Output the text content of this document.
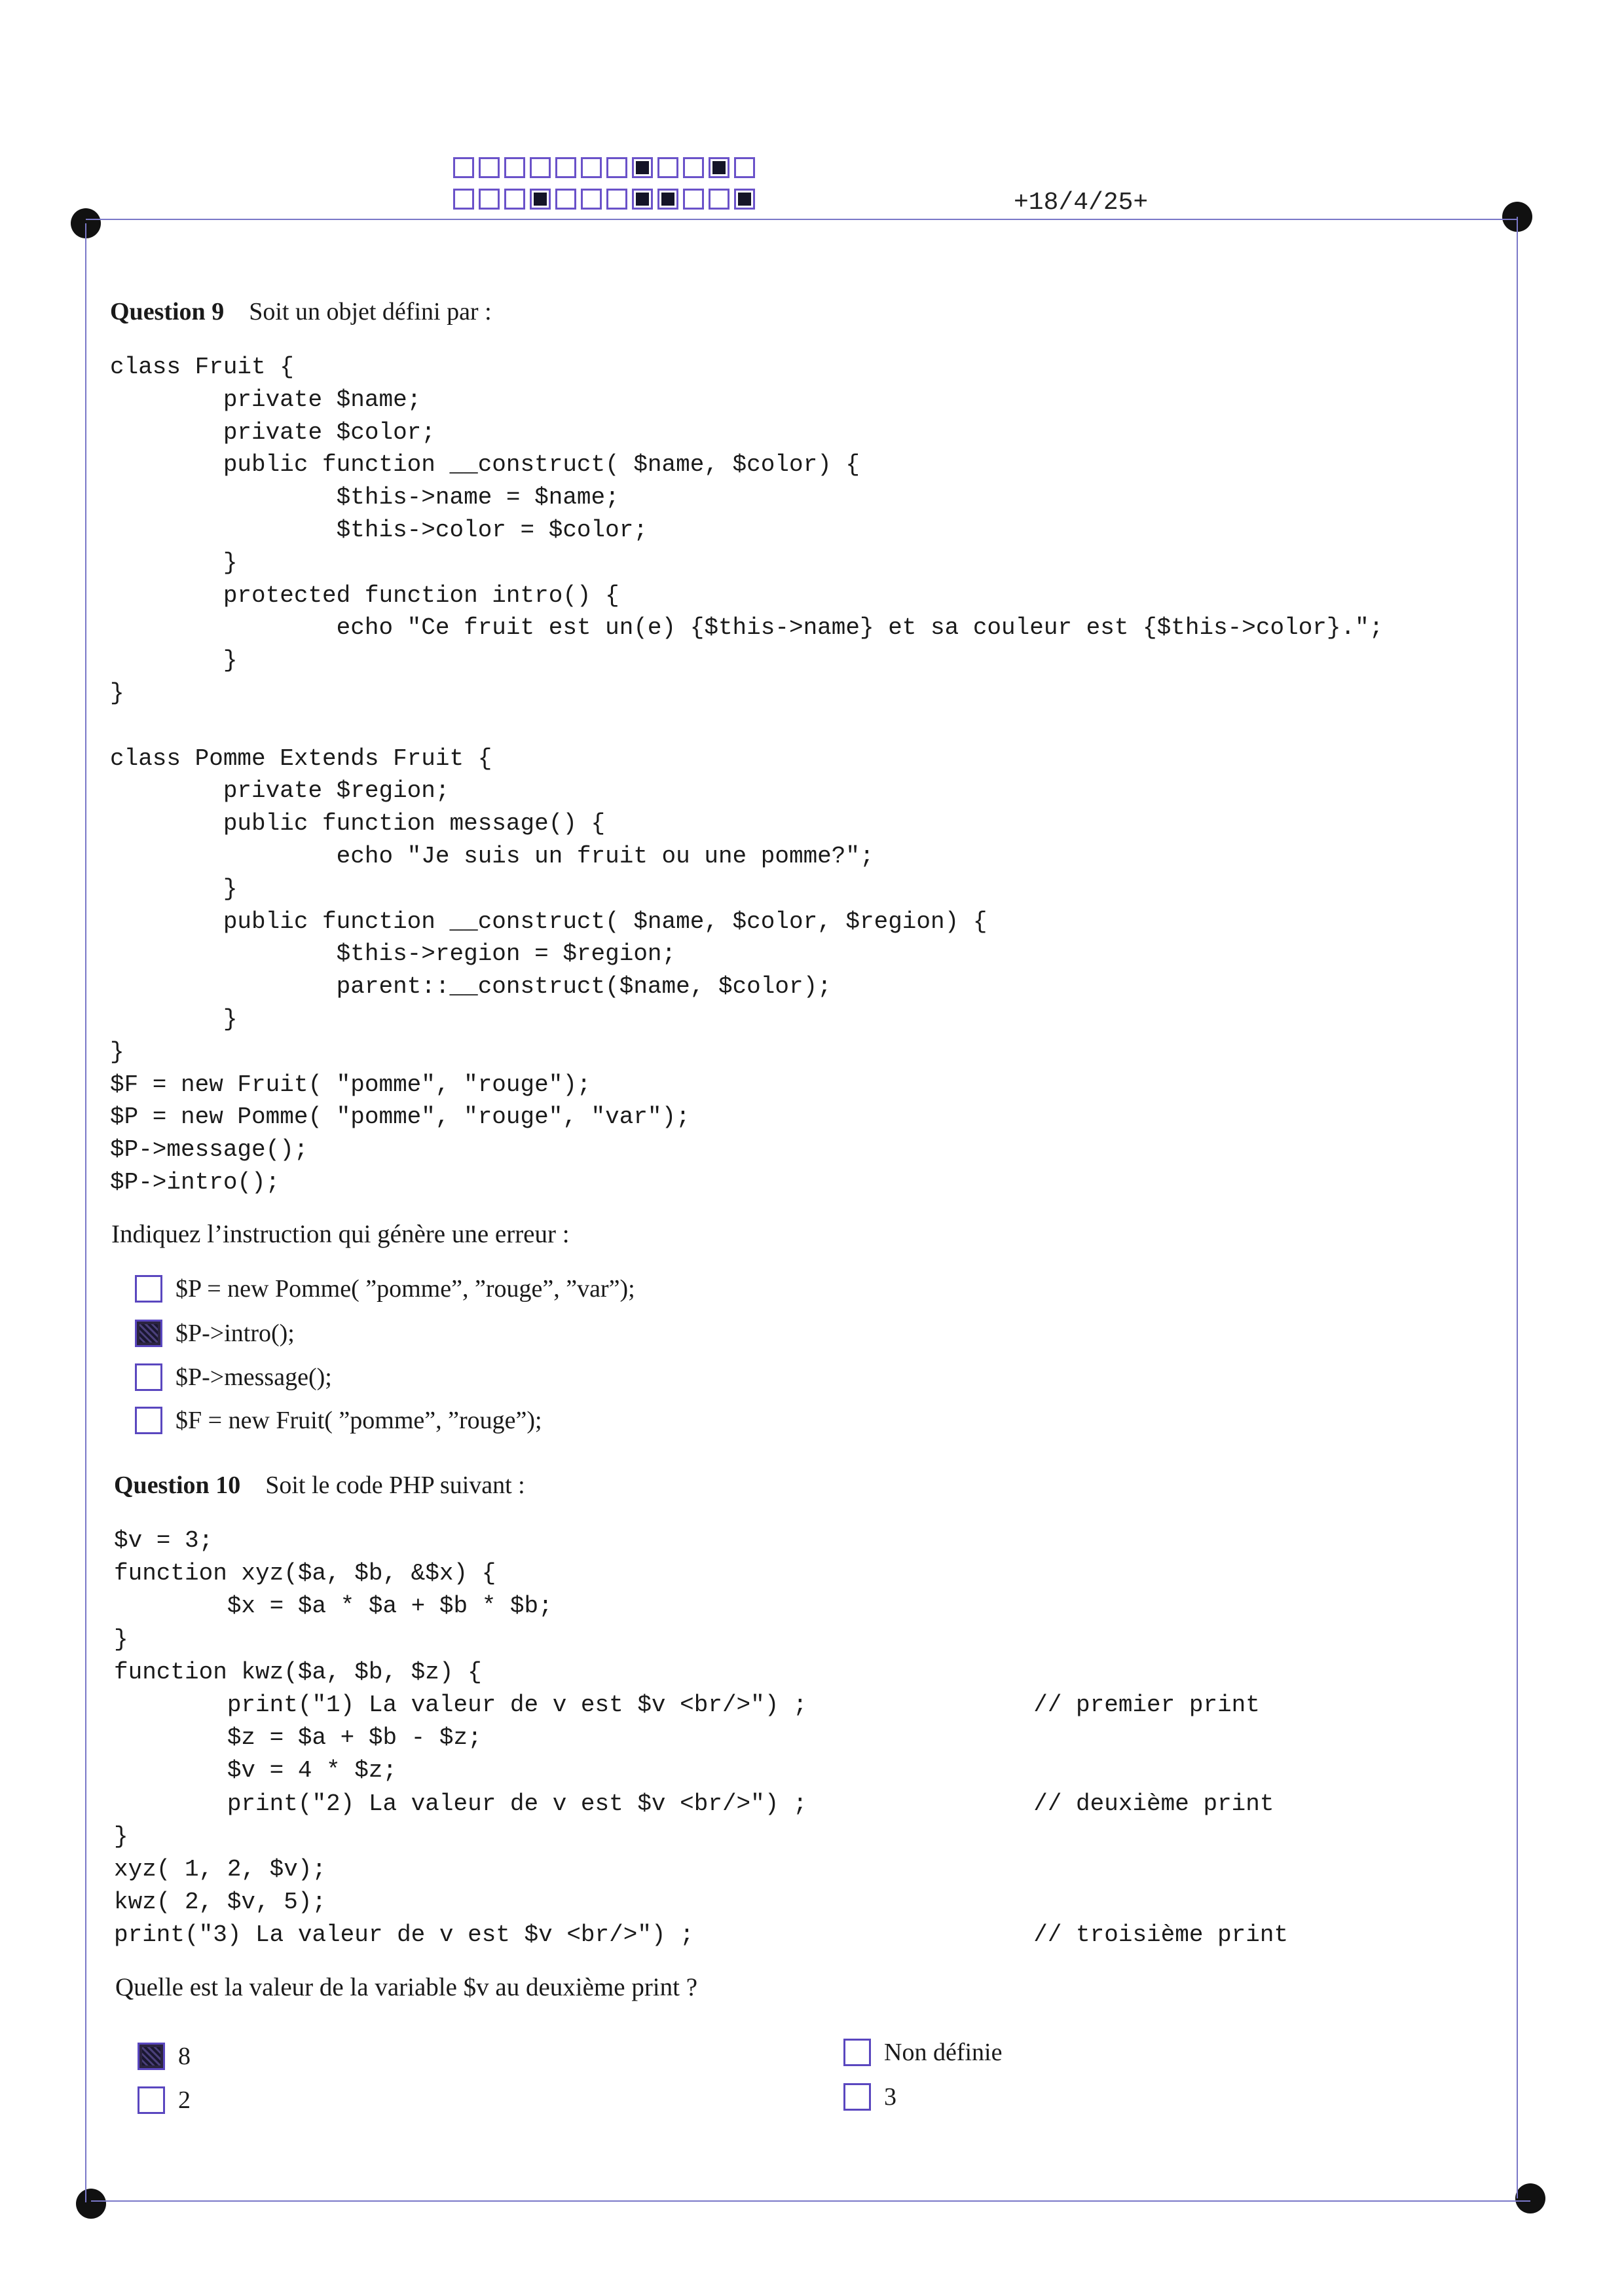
+18/4/25+
Question 9 Soit un objet défini par :
class Fruit {
private $name;
private $color;
public function __construct( $name, $color) {
$this->name = $name;
$this->color = $color;
}
protected function intro() {
echo "Ce fruit est un(e) {$this->name} et sa couleur est {$this->color}.";
}
}

class Pomme Extends Fruit {
private $region;
public function message() {
echo "Je suis un fruit ou une pomme?";
}
public function __construct( $name, $color, $region) {
$this->region = $region;
parent::__construct($name, $color);
}
}
$F = new Fruit( "pomme", "rouge");
$P = new Pomme( "pomme", "rouge", "var");
$P->message();
$P->intro();
Indiquez l’instruction qui génère une erreur :
$P = new Pomme( ”pomme”, ”rouge”, ”var”);
$P->intro();
$P->message();
$F = new Fruit( ”pomme”, ”rouge”);
Question 10 Soit le code PHP suivant :
$v = 3;
function xyz($a, $b, &$x) {
$x = $a * $a + $b * $b;
}
function kwz($a, $b, $z) {
print("1) La valeur de v est $v <br/>") ;                // premier print
$z = $a + $b - $z;
$v = 4 * $z;
print("2) La valeur de v est $v <br/>") ;                // deuxième print
}
xyz( 1, 2, $v);
kwz( 2, $v, 5);
print("3) La valeur de v est $v <br/>") ;                        // troisième print
Quelle est la valeur de la variable $v au deuxième print ?
8
2
Non définie
3
